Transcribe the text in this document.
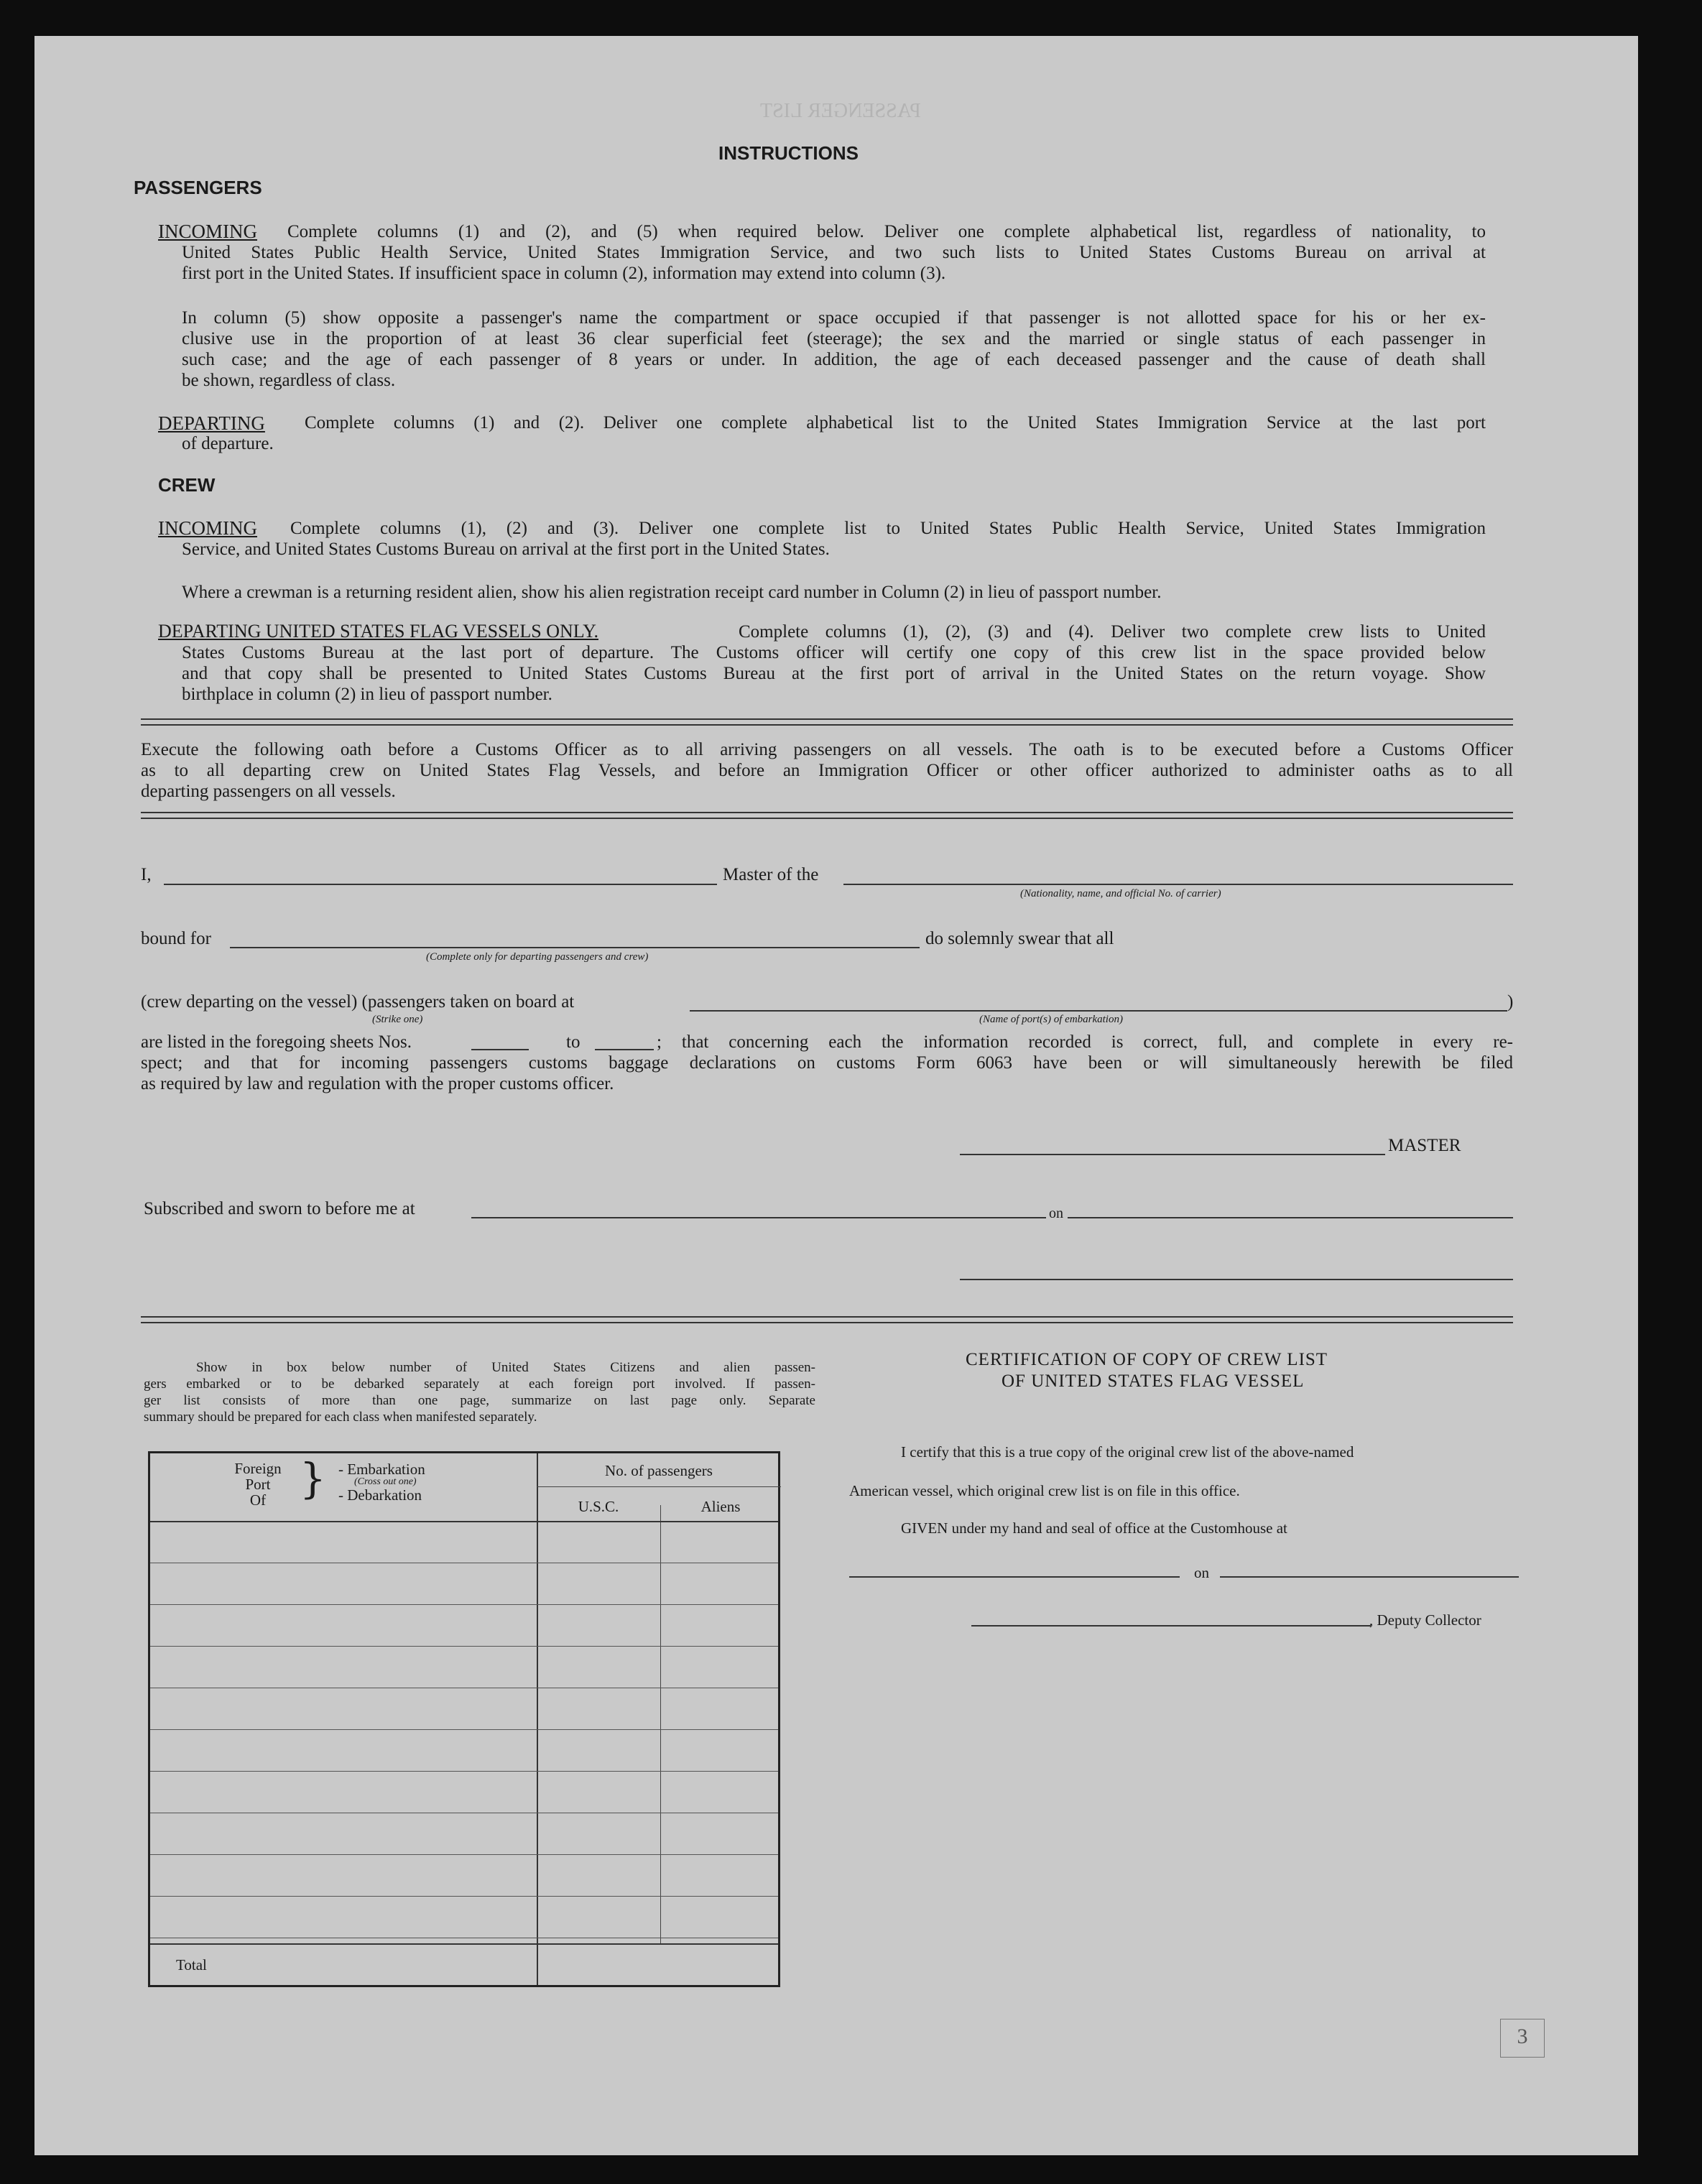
PASSENGER LIST
INSTRUCTIONS
PASSENGERS
INCOMING Complete columns (1) and (2), and (5) when required below. Deliver one complete alphabetical list, regardless of nationality, to
United States Public Health Service, United States Immigration Service, and two such lists to United States Customs Bureau on arrival at
first port in the United States. If insufficient space in column (2), information may extend into column (3).
In column (5) show opposite a passenger's name the compartment or space occupied if that passenger is not allotted space for his or her ex-
clusive use in the proportion of at least 36 clear superficial feet (steerage); the sex and the married or single status of each passenger in
such case; and the age of each passenger of 8 years or under. In addition, the age of each deceased passenger and the cause of death shall
be shown, regardless of class.
DEPARTING Complete columns (1) and (2). Deliver one complete alphabetical list to the United States Immigration Service at the last port
of departure.
CREW
INCOMING Complete columns (1), (2) and (3). Deliver one complete list to United States Public Health Service, United States Immigration
Service, and United States Customs Bureau on arrival at the first port in the United States.
Where a crewman is a returning resident alien, show his alien registration receipt card number in Column (2) in lieu of passport number.
DEPARTING UNITED STATES FLAG VESSELS ONLY.	Complete columns (1), (2), (3) and (4). Deliver two complete crew lists to United
States Customs Bureau at the last port of departure. The Customs officer will certify one copy of this crew list in the space provided below
and that copy shall be presented to United States Customs Bureau at the first port of arrival in the United States on the return voyage. Show
birthplace in column (2) in lieu of passport number.
Execute the following oath before a Customs Officer as to all arriving passengers on all vessels. The oath is to be executed before a Customs Officer
as to all departing crew on United States Flag Vessels, and before an Immigration Officer or other officer authorized to administer oaths as to all
departing passengers on all vessels.
I,	Master of the
(Nationality, name, and official No. of carrier)
bound for
(Complete only for departing passengers and crew)
do solemnly swear that all
(crew departing on the vessel) (passengers taken on board at	)
(Strike one)	(Name of port(s) of embarkation)
are listed in the foregoing sheets Nos.	to	; that concerning each the information recorded is correct, full, and complete in every re-
spect; and that for incoming passengers customs baggage declarations on customs Form 6063 have been or will simultaneously herewith be filed
as required by law and regulation with the proper customs officer.
MASTER
Subscribed and sworn to before me at	on
Show in box below number of United States Citizens and alien passen-
gers embarked or to be debarked separately at each foreign port involved. If passen-
ger list consists of more than one page, summarize on last page only. Separate
summary should be prepared for each class when manifested separately.
Foreign
Port
Of } - Embarkation
(Cross out one)
- Debarkation
No. of passengers
U.S.C.	Aliens
Total
CERTIFICATION OF COPY OF CREW LIST
OF UNITED STATES FLAG VESSEL
I certify that this is a true copy of the original crew list of the above-named
American vessel, which original crew list is on file in this office.
GIVEN under my hand and seal of office at the Customhouse at
on
, Deputy Collector
3
